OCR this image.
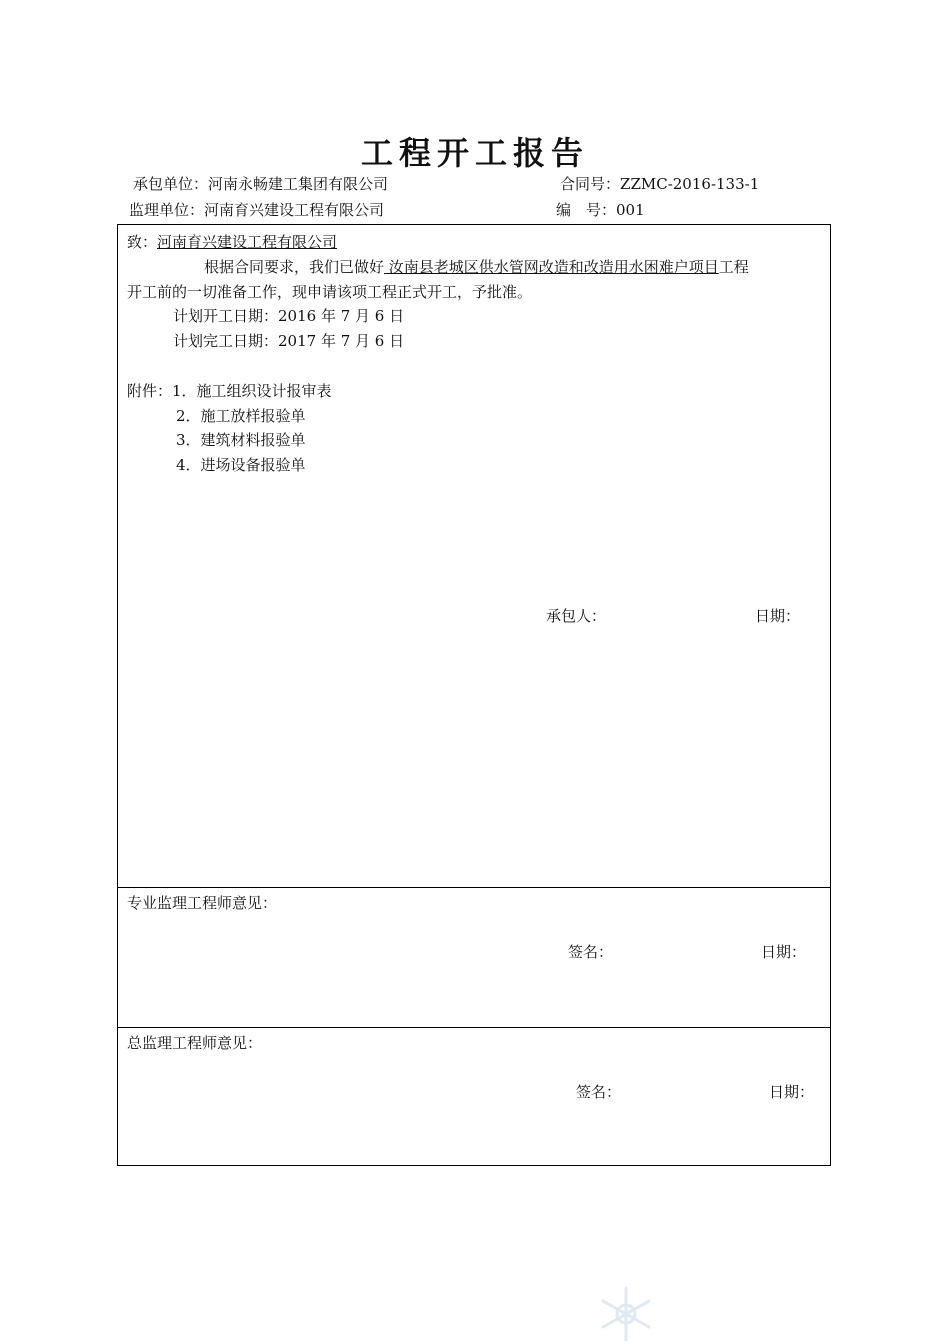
工程开工报告
承包单位：河南永畅建工集团有限公司	合同号：ZZMC-2016-133-1
监理单位：河南育兴建设工程有限公司	编　号：001
致：河南育兴建设工程有限公司
根据合同要求，我们已做好 汝南县老城区供水管网改造和改造用水困难户项目工程
开工前的一切准备工作，现申请该项工程正式开工，予批准。
计划开工日期：2016 年 7 月 6 日
计划完工日期：2017 年 7 月 6 日
附件：1．施工组织设计报审表
2．施工放样报验单
3．建筑材料报验单
4．进场设备报验单
承包人：	日期：
专业监理工程师意见：
签名：	日期：
总监理工程师意见：
签名：	日期：
